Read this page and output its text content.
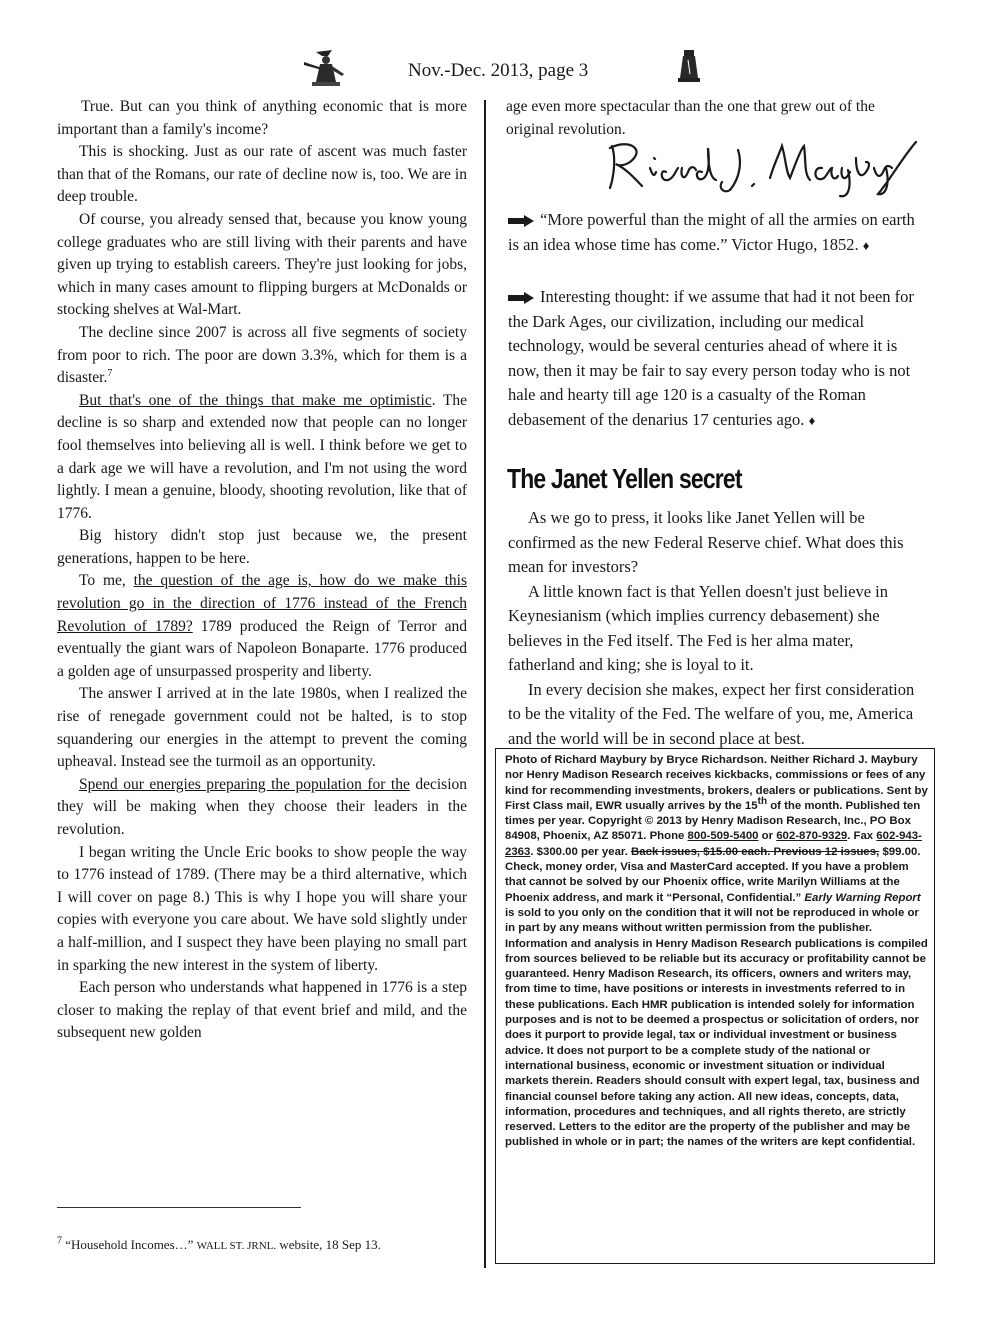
Nov.-Dec. 2013, page 3

True. But can you think of anything economic that is more important than a family's income?

This is shocking. Just as our rate of ascent was much faster than that of the Romans, our rate of decline now is, too. We are in deep trouble.

Of course, you already sensed that, because you know young college graduates who are still living with their parents and have given up trying to establish careers. They're just looking for jobs, which in many cases amount to flipping burgers at McDonalds or stocking shelves at Wal-Mart.

The decline since 2007 is across all five segments of society from poor to rich. The poor are down 3.3%, which for them is a disaster.$^7$

But that's one of the things that make me optimistic. The decline is so sharp and extended now that people can no longer fool themselves into believing all is well. I think before we get to a dark age we will have a revolution, and I'm not using the word lightly. I mean a genuine, bloody, shooting revolution, like that of 1776.

Big history didn't stop just because we, the present generations, happen to be here.

To me, the question of the age is, how do we make this revolution go in the direction of 1776 instead of the French Revolution of 1789? 1789 produced the Reign of Terror and eventually the giant wars of Napoleon Bonaparte. 1776 produced a golden age of unsurpassed prosperity and liberty.

The answer I arrived at in the late 1980s, when I realized the rise of renegade government could not be halted, is to stop squandering our energies in the attempt to prevent the coming upheaval. Instead see the turmoil as an opportunity.

Spend our energies preparing the population for the decision they will be making when they choose their leaders in the revolution.

I began writing the Uncle Eric books to show people the way to 1776 instead of 1789. (There may be a third alternative, which I will cover on page 8.) This is why I hope you will share your copies with everyone you care about. We have sold slightly under a half-million, and I suspect they have been playing no small part in sparking the new interest in the system of liberty.

Each person who understands what happened in 1776 is a step closer to making the replay of that event brief and mild, and the subsequent new golden

$^7$ “Household Incomes…” WALL ST. JRNL. website, 18 Sep 13.

age even more spectacular than the one that grew out of the original revolution.

“More powerful than the might of all the armies on earth is an idea whose time has come.” Victor Hugo, 1852. ♦

Interesting thought: if we assume that had it not been for the Dark Ages, our civilization, including our medical technology, would be several centuries ahead of where it is now, then it may be fair to say every person today who is not hale and hearty till age 120 is a casualty of the Roman debasement of the denarius 17 centuries ago. ♦

The Janet Yellen secret

As we go to press, it looks like Janet Yellen will be confirmed as the new Federal Reserve chief. What does this mean for investors?

A little known fact is that Yellen doesn't just believe in Keynesianism (which implies currency debasement) she believes in the Fed itself. The Fed is her alma mater, fatherland and king; she is loyal to it.

In every decision she makes, expect her first consideration to be the vitality of the Fed. The welfare of you, me, America and the world will be in second place at best.

Photo of Richard Maybury by Bryce Richardson. Neither Richard J. Maybury nor Henry Madison Research receives kickbacks, commissions or fees of any kind for recommending investments, brokers, dealers or publications. Sent by First Class mail, EWR usually arrives by the 15th of the month. Published ten times per year. Copyright © 2013 by Henry Madison Research, Inc., PO Box 84908, Phoenix, AZ 85071. Phone 800-509-5400 or 602-870-9329. Fax 602-943-2363. $300.00 per year. Back issues, $15.00 each. Previous 12 issues, $99.00. Check, money order, Visa and MasterCard accepted. If you have a problem that cannot be solved by our Phoenix office, write Marilyn Williams at the Phoenix address, and mark it “Personal, Confidential.” Early Warning Report is sold to you only on the condition that it will not be reproduced in whole or in part by any means without written permission from the publisher. Information and analysis in Henry Madison Research publications is compiled from sources believed to be reliable but its accuracy or profitability cannot be guaranteed. Henry Madison Research, its officers, owners and writers may, from time to time, have positions or interests in investments referred to in these publications. Each HMR publication is intended solely for information purposes and is not to be deemed a prospectus or solicitation of orders, nor does it purport to provide legal, tax or individual investment or business advice. It does not purport to be a complete study of the national or international business, economic or investment situation or individual markets therein. Readers should consult with expert legal, tax, business and financial counsel before taking any action. All new ideas, concepts, data, information, procedures and techniques, and all rights thereto, are strictly reserved. Letters to the editor are the property of the publisher and may be published in whole or in part; the names of the writers are kept confidential.
